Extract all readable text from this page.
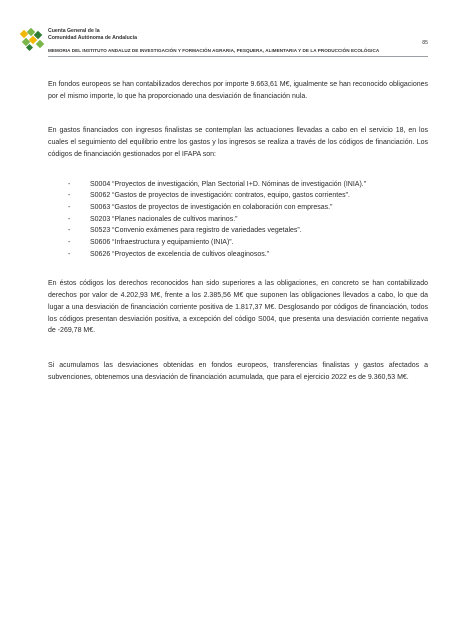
Cuenta General de la
Comunidad Autónoma de Andalucía
85
MEMORIA DEL INSTITUTO ANDALUZ DE INVESTIGACIÓN Y FORMACIÓN AGRARIA, PESQUERA, ALIMENTARIA Y DE LA PRODUCCIÓN ECOLÓGICA

En fondos europeos se han contabilizados derechos por importe 9.663,61 M€, igualmente se han reconocido obligaciones por el mismo importe, lo que ha proporcionado una desviación de financiación nula.

En gastos financiados con ingresos finalistas se contemplan las actuaciones llevadas a cabo en el servicio 18, en los cuales el seguimiento del equilibrio entre los gastos y los ingresos se realiza a través de los códigos de financiación. Los códigos de financiación gestionados por el IFAPA son:

-	S0004 “Proyectos de investigación, Plan Sectorial I+D. Nóminas de investigación (INIA).”
-	S0062 “Gastos de proyectos de investigación: contratos, equipo, gastos corrientes”.
-	S0063 “Gastos de proyectos de investigación en colaboración con empresas.”
-	S0203 “Planes nacionales de cultivos marinos.”
-	S0523 “Convenio exámenes para registro de variedades vegetales”.
-	S0606 “Infraestructura y equipamiento (INIA)”.
-	S0626 “Proyectos de excelencia de cultivos oleaginosos.”

En éstos códigos los derechos reconocidos han sido superiores a las obligaciones, en concreto se han contabilizado derechos por valor de 4.202,93 M€, frente a los 2.385,56 M€ que suponen las obligaciones llevados a cabo, lo que da lugar a una desviación de financiación corriente positiva de 1.817,37 M€. Desglosando por códigos de financiación, todos los códigos presentan desviación positiva, a excepción del código S004, que presenta una desviación corriente negativa de -269,78 M€.

Si acumulamos las desviaciones obtenidas en fondos europeos, transferencias finalistas y gastos afectados a subvenciones, obtenemos una desviación de financiación acumulada, que para el ejercicio 2022 es de 9.360,53 M€.
